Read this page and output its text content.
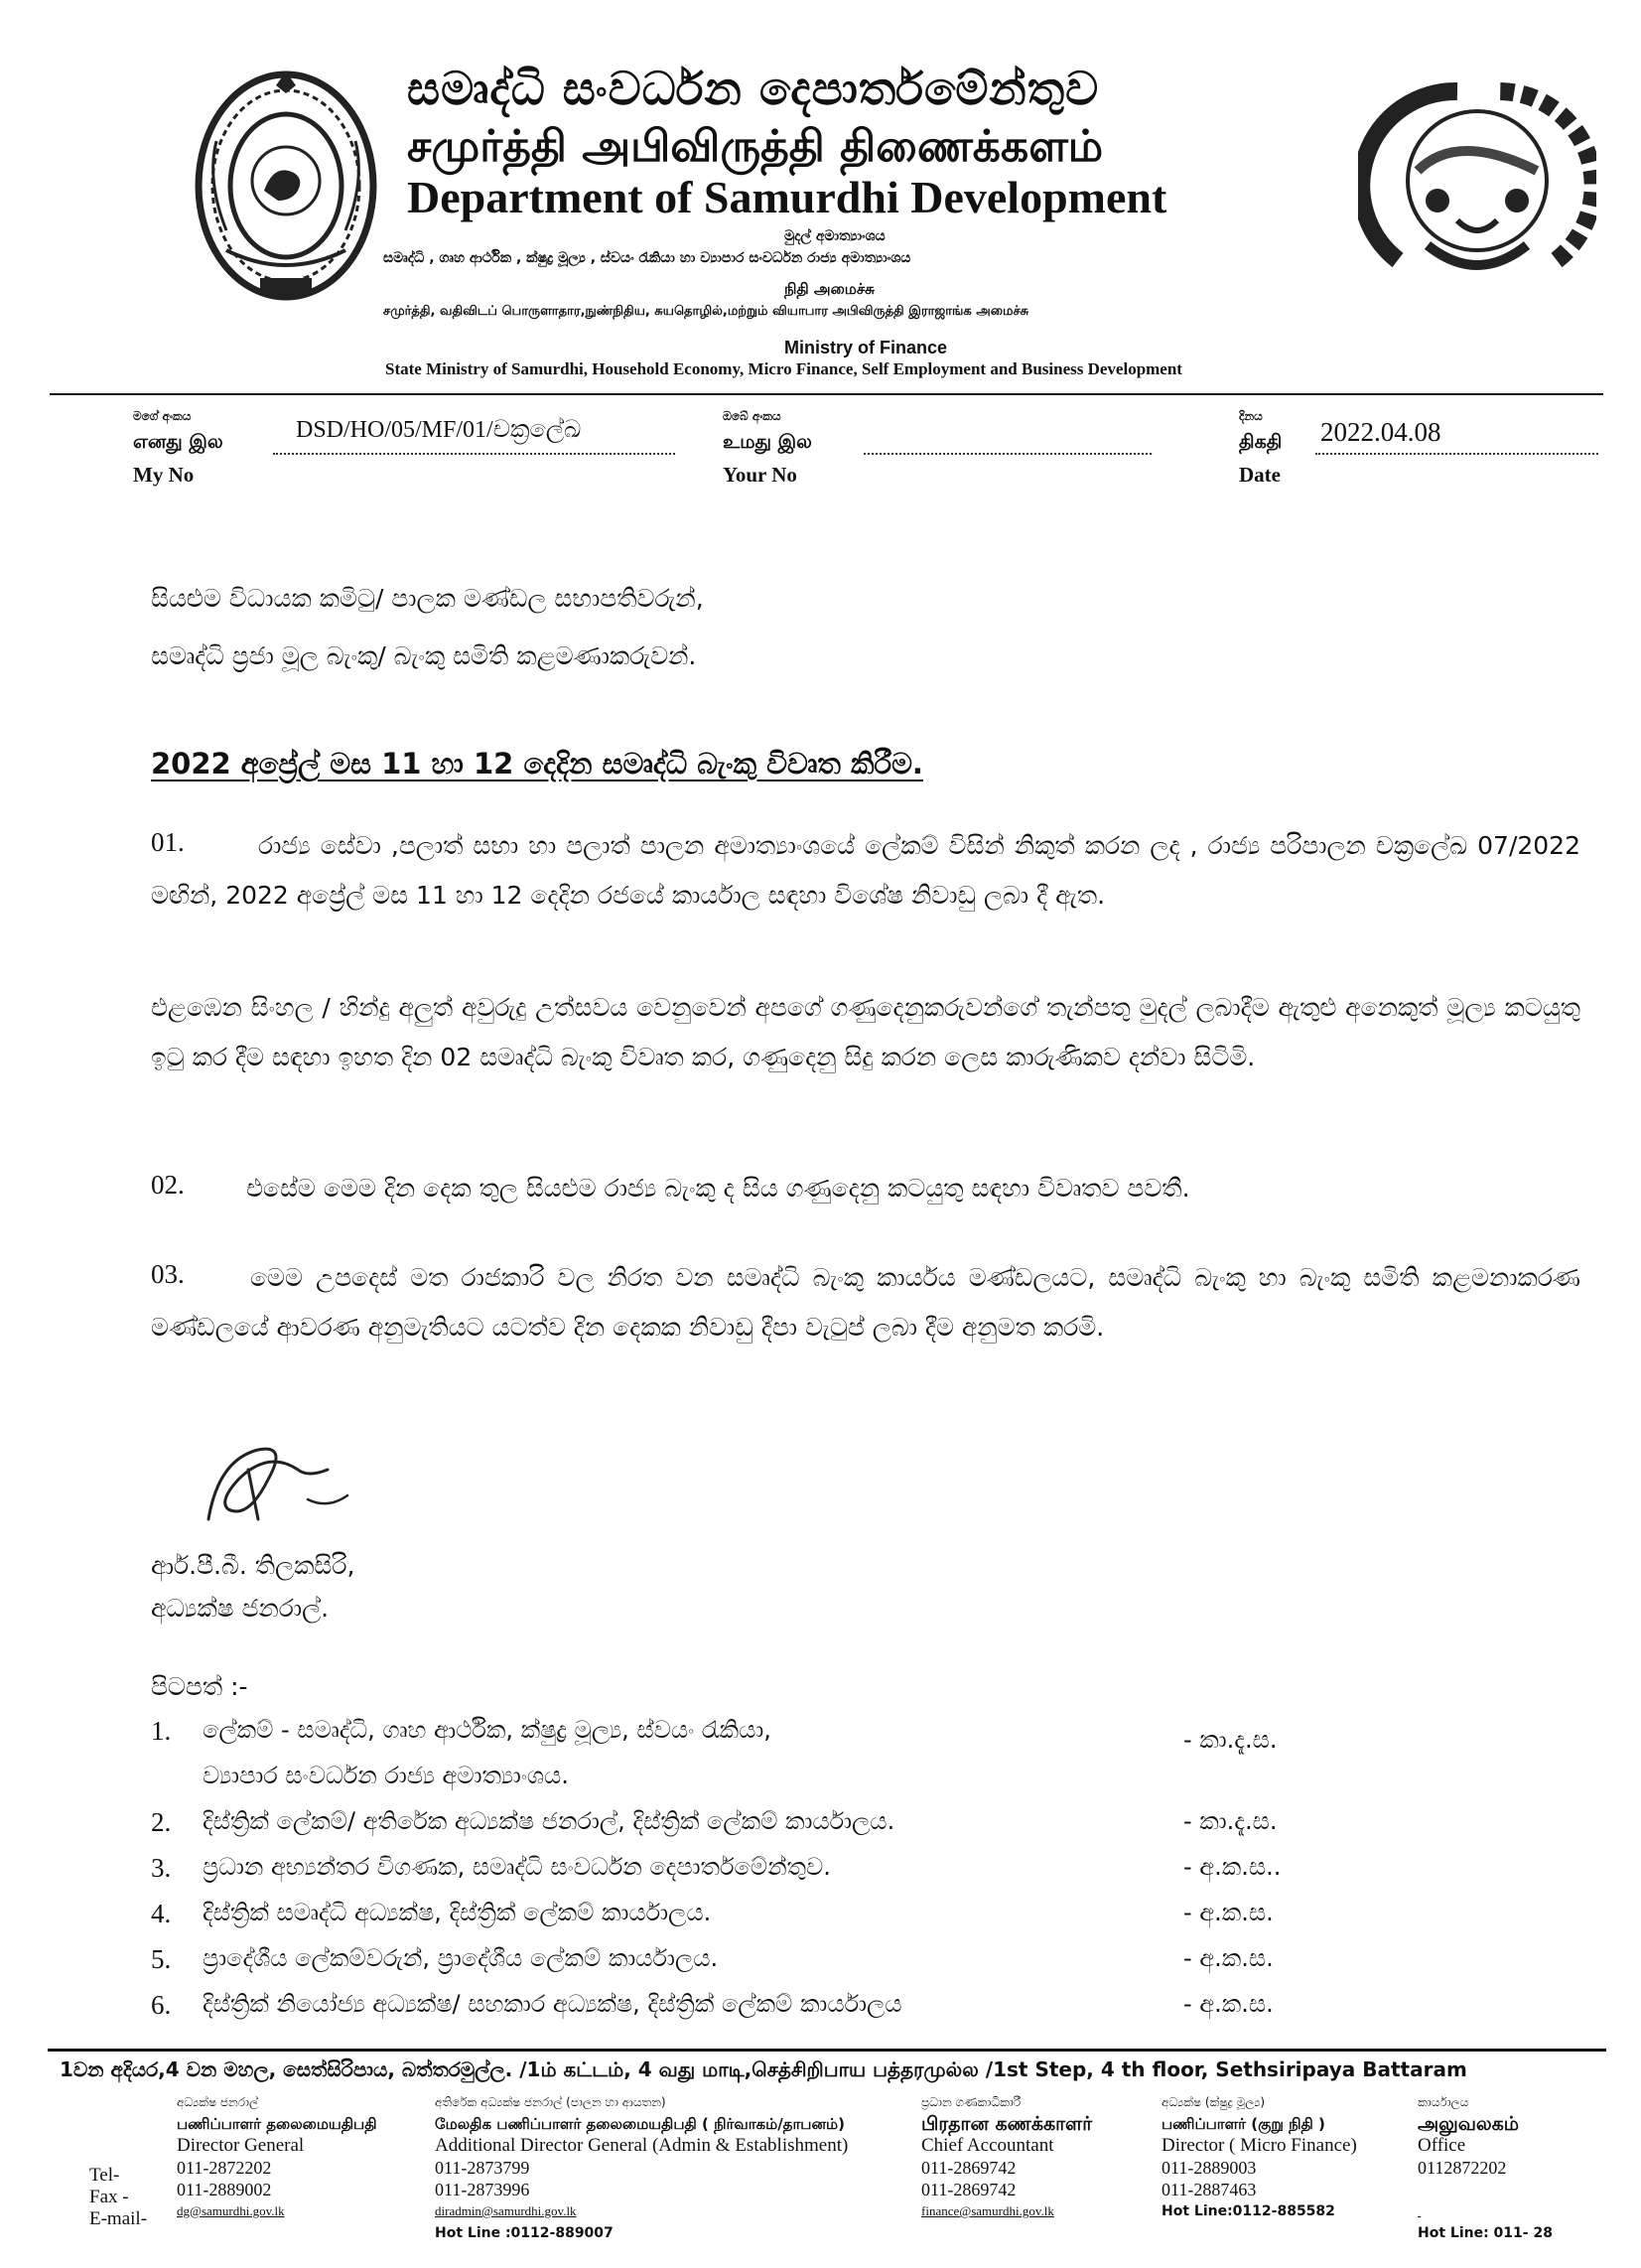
සමෘද්ධි සංවර්ධන දෙපාර්තමේන්තුව
சமுர்த்தி அபிவிருத்தி திணைக்களம்
Department of Samurdhi Development
මුදල් අමාත්‍යාංශය
සමෘද්ධි , ගෘහ ආර්ථික , ක්ෂුද්‍ර මූල්‍ය , ස්වයං රැකියා හා ව්‍යාපාර සංවර්ධන රාජ්‍ය අමාත්‍යාංශය
நிதி அமைச்சு
சமுர்த்தி, வதிவிடப் பொருளாதார,நுண்நிதிய, சுயதொழில்,மற்றும் வியாபார அபிவிருத்தி இராஜாங்க அமைச்சு
Ministry of Finance
State Ministry of Samurdhi, Household Economy, Micro Finance, Self Employment and Business Development
මගේ අංකය
எனது இல
My No
DSD/HO/05/MF/01/චක්‍රලේඛ
ඔබේ අංකය
உமது இல
Your No
දිනය
திகதி
Date
2022.04.08
සියළුම විධායක කමිටු/ පාලක මණ්ඩල සභාපතිවරුන්,
සමෘද්ධි ප්‍රජා මූල බැංකු/ බැංකු සමිති කළමණාකරුවන්.
2022 අප්‍රේල් මස 11 හා 12 දෙදින සමෘද්ධි බැංකු විවෘත කිරීම.
01.	රාජ්‍ය සේවා ,පලාත් සභා හා පලාත් පාලන අමාත්‍යාංශයේ ලේකම් විසින් නිකුත් කරන ලද , රාජ්‍ය පරිපාලන චක්‍රලේඛ 07/2022 මඟින්, 2022 අප්‍රේල් මස 11 හා 12 දෙදින රජයේ කාර්යාල සඳහා විශේෂ නිවාඩු ලබා දී ඇත.
එළඹෙන සිංහල / හින්දු අලුත් අවුරුදු උත්සවය වෙනුවෙන් අපගේ ගණුදෙනුකරුවන්ගේ තැන්පතු මුදල් ලබාදීම ඇතුළු අනෙකුත් මූල්‍ය කටයුතු ඉටු කර දීම සඳහා ඉහත දින 02 සමෘද්ධි බැංකු විවෘත කර, ගණුදෙනු සිදු කරන ලෙස කාරුණිකව දන්වා සිටිමි.
02. එසේම මෙම දින දෙක තුල සියළුම රාජ්‍ය බැංකු ද සිය ගණුදෙනු කටයුතු සඳහා විවෘතව පවතී.
03.	මෙම උපදෙස් මත රාජකාරි වල නිරත වන සමෘද්ධි බැංකු කාර්යය මණ්ඩලයට, සමෘද්ධි බැංකු හා බැංකු සමිති කළමනාකරණ මණ්ඩලයේ ආවරණ අනුමැතියට යටත්ව දින දෙකක නිවාඩු දීපා වැටුප් ලබා දීම අනුමත කරමි.
ආර්.පී.බී. තිලකසිරි,
අධ්‍යක්ෂ ජනරාල්.
පිටපත් :-
1. ලේකම් - සමෘද්ධි, ගෘහ ආර්ථික, ක්ෂුද්‍ර මූල්‍ය, ස්වයං රැකියා,	- කා.දැ.ස.
ව්‍යාපාර සංවර්ධන රාජ්‍ය අමාත්‍යාංශය.
2. දිස්ත්‍රික් ලේකම්/ අතිරේක අධ්‍යක්ෂ ජනරාල්, දිස්ත්‍රික් ලේකම් කාර්යාලය.	- කා.දැ.ස.
3. ප්‍රධාන අභ්‍යන්තර විගණක, සමෘද්ධි සංවර්ධන දෙපාර්තමේන්තුව.	- අ.ක.ස..
4. දිස්ත්‍රික් සමෘද්ධි අධ්‍යක්ෂ, දිස්ත්‍රික් ලේකම් කාර්යාලය.	- අ.ක.ස.
5. ප්‍රාදේශීය ලේකම්වරුන්, ප්‍රාදේශීය ලේකම් කාර්යාලය.	- අ.ක.ස.
6. දිස්ත්‍රික් නියෝජ්‍ය අධ්‍යක්ෂ/ සහකාර අධ්‍යක්ෂ, දිස්ත්‍රික් ලේකම් කාර්යාලය	- අ.ක.ස.
1වන අදියර,4 වන මහල, සෙත්සිරිපාය, බත්තරමුල්ල. /1ம் கட்டம், 4 வது மாடி,செத்சிறிபாய பத்தரமுல்ல /1st Step, 4 th floor, Sethsiripaya Battaram
Tel-
Fax -
E-mail-
අධ්‍යක්ෂ ජනරාල්
பணிப்பாளர் தலைமையதிபதி
Director General
011-2872202
011-2889002
dg@samurdhi.gov.lk
අතිරේක අධ්‍යක්ෂ ජනරාල් (පාලන හා ආයතන)
மேலதிக பணிப்பாளர் தலைமையதிபதி ( நிர்வாகம்/தாபனம்)
Additional Director General (Admin & Establishment)
011-2873799
011-2873996
diradmin@samurdhi.gov.lk
Hot Line :0112-889007
ප්‍රධාන ගණකාධිකාරී
பிரதான கணக்காளர்
Chief Accountant
011-2869742
011-2869742
finance@samurdhi.gov.lk
අධ්‍යක්ෂ (ක්ෂුද්‍ර මූල්‍ය)
பணிப்பாளர் (குறு நிதி )
Director ( Micro Finance)
011-2889003
011-2887463
Hot Line:0112-885582
කාර්යාලය
அலுவலகம்
Office
0112872202

Hot Line: 011- 28
